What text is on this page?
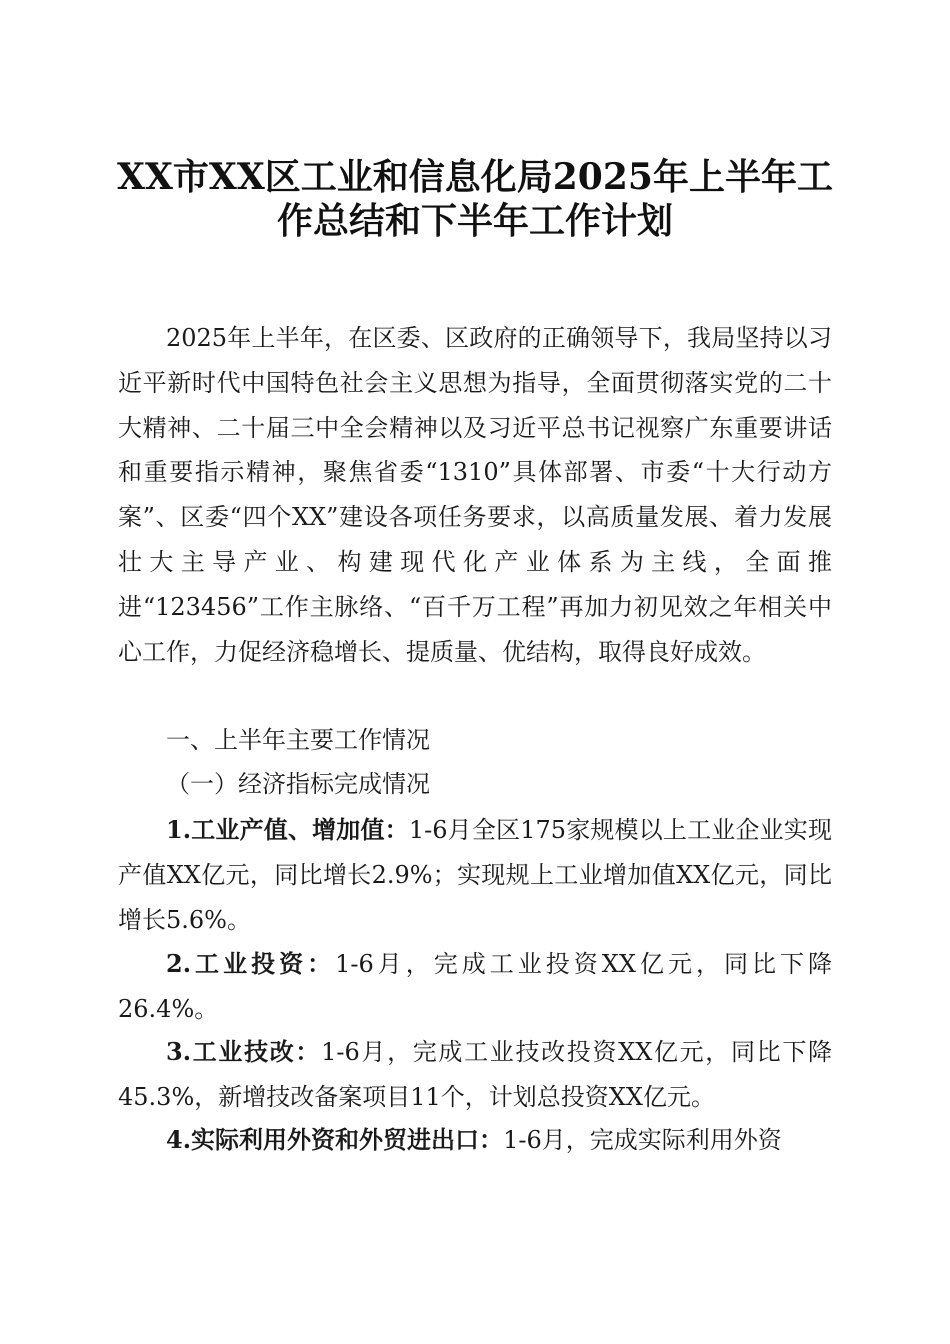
XX市XX区工业和信息化局2025年上半年工
作总结和下半年工作计划

2025年上半年，在区委、区政府的正确领导下，我局坚持以习近平新时代中国特色社会主义思想为指导，全面贯彻落实党的二十大精神、二十届三中全会精神以及习近平总书记视察广东重要讲话和重要指示精神，聚焦省委“1310”具体部署、市委“十大行动方案”、区委“四个XX”建设各项任务要求，以高质量发展、着力发展壮大主导产业、构建现代化产业体系为主线，全面推进“123456”工作主脉络、“百千万工程”再加力初见效之年相关中心工作，力促经济稳增长、提质量、优结构，取得良好成效。

一、上半年主要工作情况
（一）经济指标完成情况

1.工业产值、增加值：1-6月全区175家规模以上工业企业实现产值XX亿元，同比增长2.9%；实现规上工业增加值XX亿元，同比增长5.6%。

2.工业投资：1-6月，完成工业投资XX亿元，同比下降26.4%。

3.工业技改：1-6月，完成工业技改投资XX亿元，同比下降45.3%，新增技改备案项目11个，计划总投资XX亿元。

4.实际利用外资和外贸进出口：1-6月，完成实际利用外资
